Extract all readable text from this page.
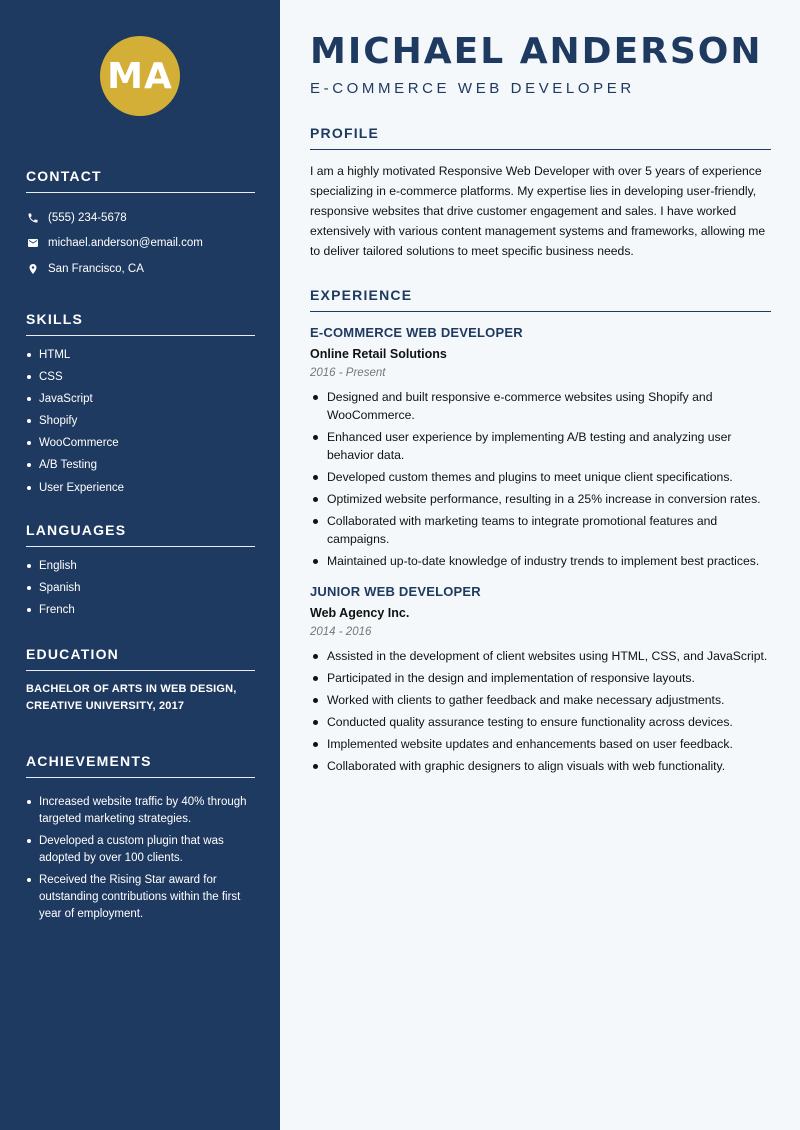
MA
CONTACT
(555) 234-5678
michael.anderson@email.com
San Francisco, CA
SKILLS
HTML
CSS
JavaScript
Shopify
WooCommerce
A/B Testing
User Experience
LANGUAGES
English
Spanish
French
EDUCATION

BACHELOR OF ARTS IN WEB DESIGN,
CREATIVE UNIVERSITY, 2017

ACHIEVEMENTS
Increased website traffic by 40% through targeted marketing strategies.
Developed a custom plugin that was adopted by over 100 clients.
Received the Rising Star award for outstanding contributions within the first year of employment.
MICHAEL ANDERSON
E-COMMERCE WEB DEVELOPER
PROFILE

I am a highly motivated Responsive Web Developer with over 5 years of experience specializing in e-commerce platforms. My expertise lies in developing user-friendly, responsive websites that drive customer engagement and sales. I have worked extensively with various content management systems and frameworks, allowing me to deliver tailored solutions to meet specific business needs.

EXPERIENCE
E-COMMERCE WEB DEVELOPER
Online Retail Solutions
2016 - Present
Designed and built responsive e-commerce websites using Shopify and WooCommerce.
Enhanced user experience by implementing A/B testing and analyzing user behavior data.
Developed custom themes and plugins to meet unique client specifications.
Optimized website performance, resulting in a 25% increase in conversion rates.
Collaborated with marketing teams to integrate promotional features and campaigns.
Maintained up-to-date knowledge of industry trends to implement best practices.
JUNIOR WEB DEVELOPER
Web Agency Inc.
2014 - 2016
Assisted in the development of client websites using HTML, CSS, and JavaScript.
Participated in the design and implementation of responsive layouts.
Worked with clients to gather feedback and make necessary adjustments.
Conducted quality assurance testing to ensure functionality across devices.
Implemented website updates and enhancements based on user feedback.
Collaborated with graphic designers to align visuals with web functionality.
